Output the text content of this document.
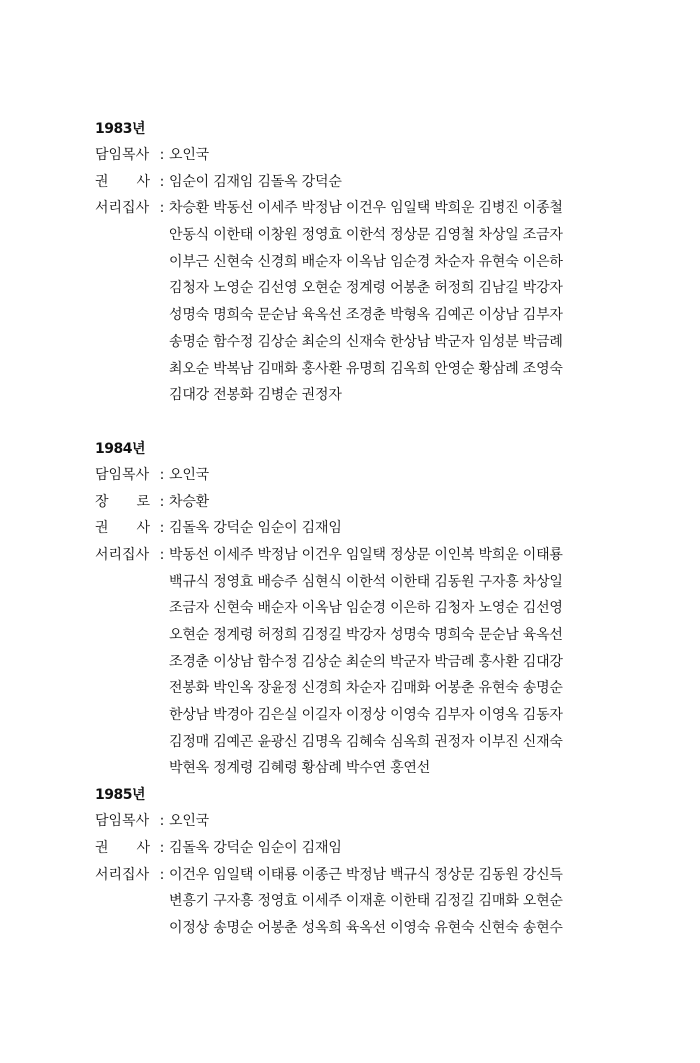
1983년
담임목사 : 오인국
권　　사 : 임순이 김재임 김돌옥 강덕순
서리집사 : 차승환 박동선 이세주 박정남 이건우 임일택 박희운 김병진 이종철
안동식 이한태 이창원 정영효 이한석 정상문 김영철 차상일 조금자
이부근 신현숙 신경희 배순자 이옥남 임순경 차순자 유현숙 이은하
김청자 노영순 김선영 오현순 정계령 어봉춘 허정희 김남길 박강자
성명숙 명희숙 문순남 육옥선 조경춘 박형옥 김예곤 이상남 김부자
송명순 함수정 김상순 최순의 신재숙 한상남 박군자 임성분 박금례
최오순 박복남 김매화 홍사환 유명희 김옥희 안영순 황삼례 조영숙
김대강 전봉화 김병순 권정자
1984년
담임목사 : 오인국
장　　로 : 차승환
권　　사 : 김돌옥 강덕순 임순이 김재임
서리집사 : 박동선 이세주 박정남 이건우 임일택 정상문 이인복 박희운 이태룡
백규식 정영효 배승주 심현식 이한석 이한태 김동원 구자흥 차상일
조금자 신현숙 배순자 이옥남 임순경 이은하 김청자 노영순 김선영
오현순 정계령 허정희 김정길 박강자 성명숙 명희숙 문순남 육옥선
조경춘 이상남 함수정 김상순 최순의 박군자 박금례 홍사환 김대강
전봉화 박인옥 장윤정 신경희 차순자 김매화 어봉춘 유현숙 송명순
한상남 박경아 김은실 이길자 이정상 이영숙 김부자 이영옥 김동자
김정매 김예곤 윤광신 김명옥 김혜숙 심옥희 권정자 이부진 신재숙
박현옥 정계령 김혜령 황삼례 박수연 홍연선
1985년
담임목사 : 오인국
권　　사 : 김돌옥 강덕순 임순이 김재임
서리집사 : 이건우 임일택 이태룡 이종근 박정남 백규식 정상문 김동원 강신득
변흥기 구자흥 정영효 이세주 이재훈 이한태 김정길 김매화 오현순
이정상 송명순 어봉춘 성옥희 육옥선 이영숙 유현숙 신현숙 송현수
